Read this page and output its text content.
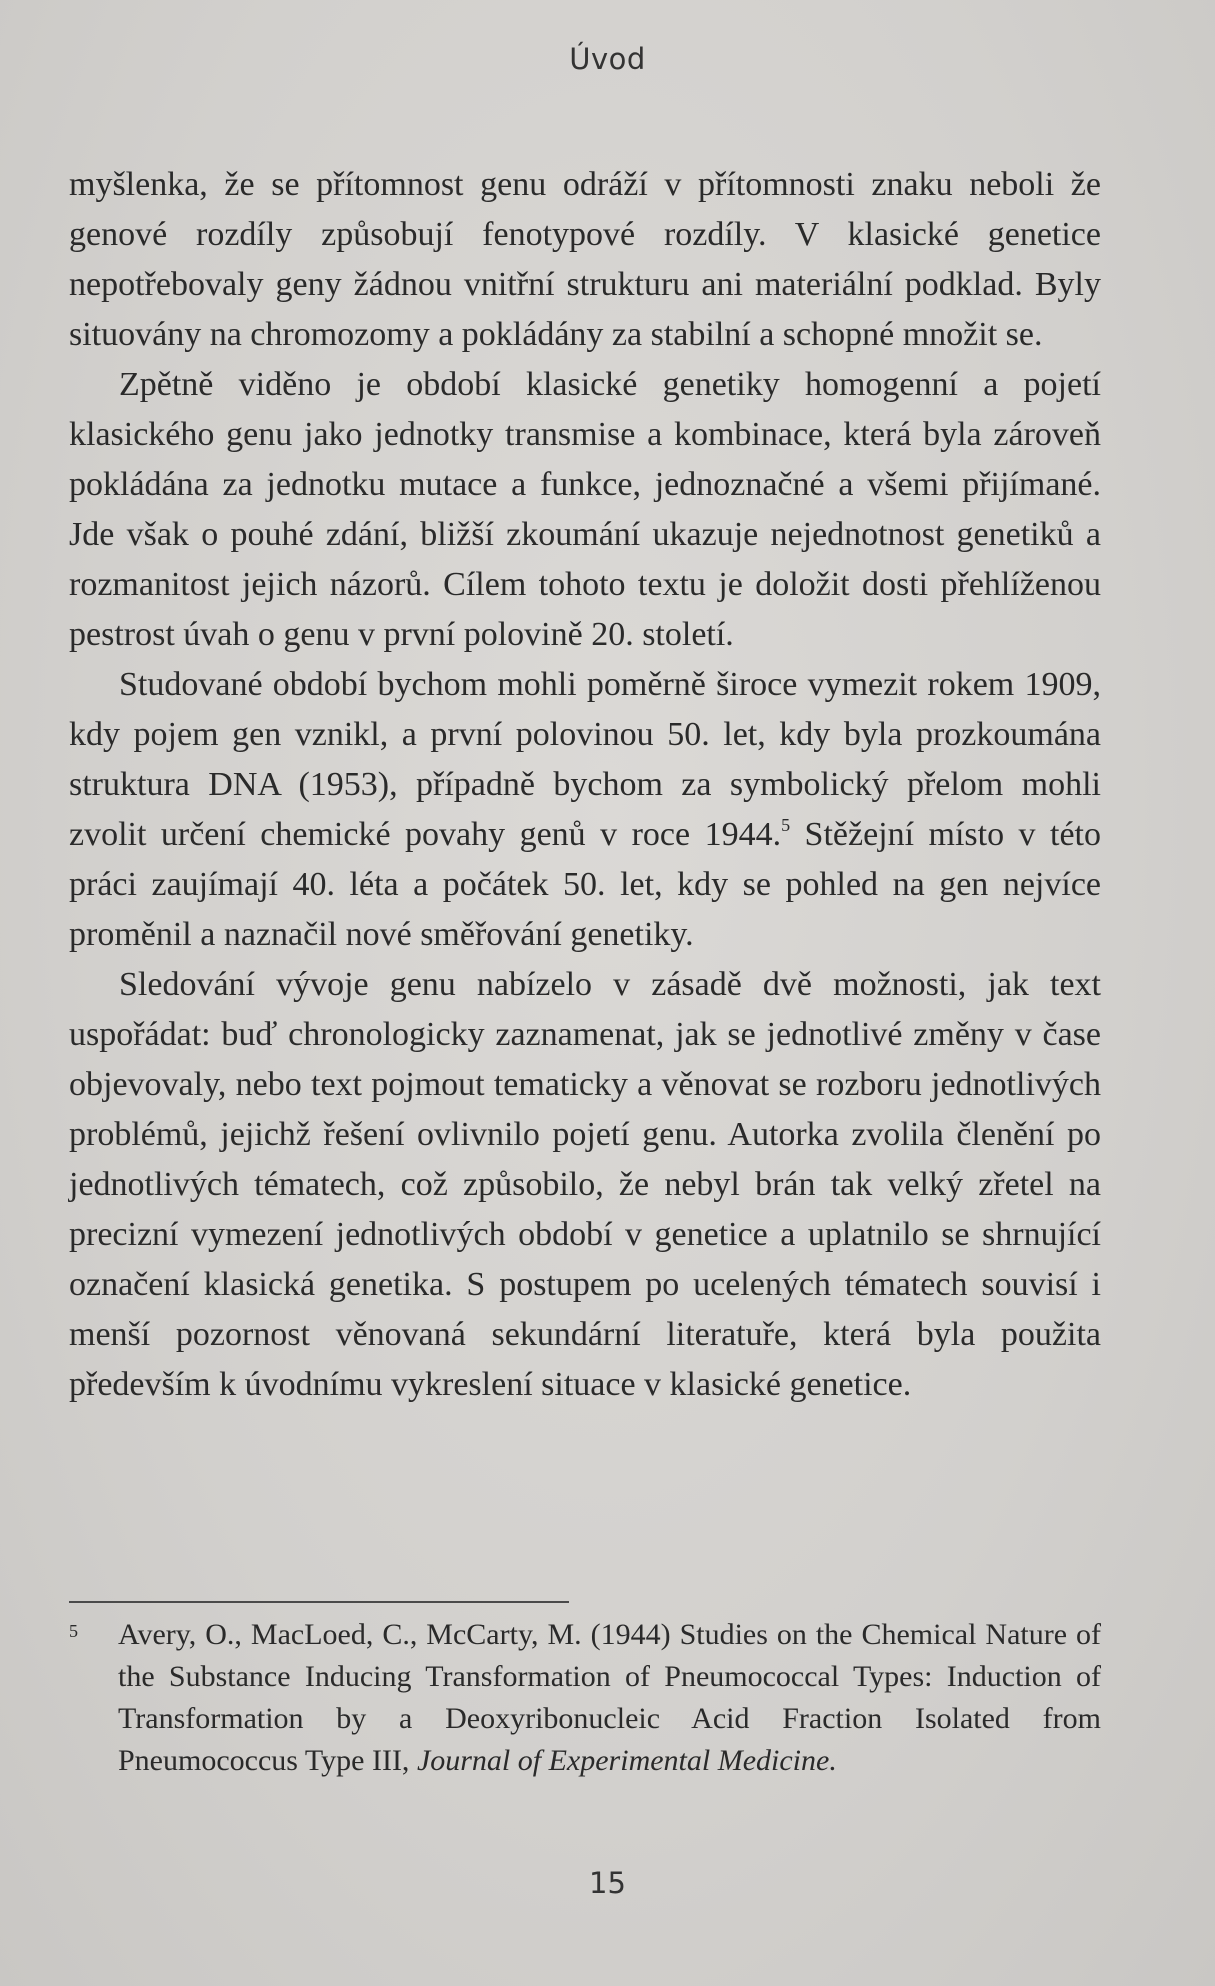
Úvod

myšlenka, že se přítomnost genu odráží v přítomnosti znaku neboli že genové rozdíly způsobují fenotypové rozdíly. V klasické genetice nepotřebovaly geny žádnou vnitřní strukturu ani materiální podklad. Byly situovány na chromozomy a pokládány za stabilní a schopné množit se.

Zpětně viděno je období klasické genetiky homogenní a pojetí klasického genu jako jednotky transmise a kombinace, která byla zároveň pokládána za jednotku mutace a funkce, jednoznačné a všemi přijímané. Jde však o pouhé zdání, bližší zkoumání ukazuje nejednotnost genetiků a rozmanitost jejich názorů. Cílem tohoto textu je doložit dosti přehlíženou pestrost úvah o genu v první polovině 20. století.

Studované období bychom mohli poměrně široce vymezit rokem 1909, kdy pojem gen vznikl, a první polovinou 50. let, kdy byla prozkoumána struktura DNA (1953), případně bychom za symbolický přelom mohli zvolit určení chemické povahy genů v roce 1944.$^5$ Stěžejní místo v této práci zaujímají 40. léta a počátek 50. let, kdy se pohled na gen nejvíce proměnil a naznačil nové směřování genetiky.

Sledování vývoje genu nabízelo v zásadě dvě možnosti, jak text uspořádat: buď chronologicky zaznamenat, jak se jednotlivé změny v čase objevovaly, nebo text pojmout tematicky a věnovat se rozboru jednotlivých problémů, jejichž řešení ovlivnilo pojetí genu. Autorka zvolila členění po jednotlivých tématech, což způsobilo, že nebyl brán tak velký zřetel na precizní vymezení jednotlivých období v genetice a uplatnilo se shrnující označení klasická genetika. S postupem po ucelených tématech souvisí i menší pozornost věnovaná sekundární literatuře, která byla použita především k úvodnímu vykreslení situace v klasické genetice.

5 Avery, O., MacLoed, C., McCarty, M. (1944) Studies on the Chemical Nature of the Substance Inducing Transformation of Pneumococcal Types: Induction of Transformation by a Deoxyribonucleic Acid Fraction Isolated from Pneumococcus Type III, Journal of Experimental Medicine.
15
